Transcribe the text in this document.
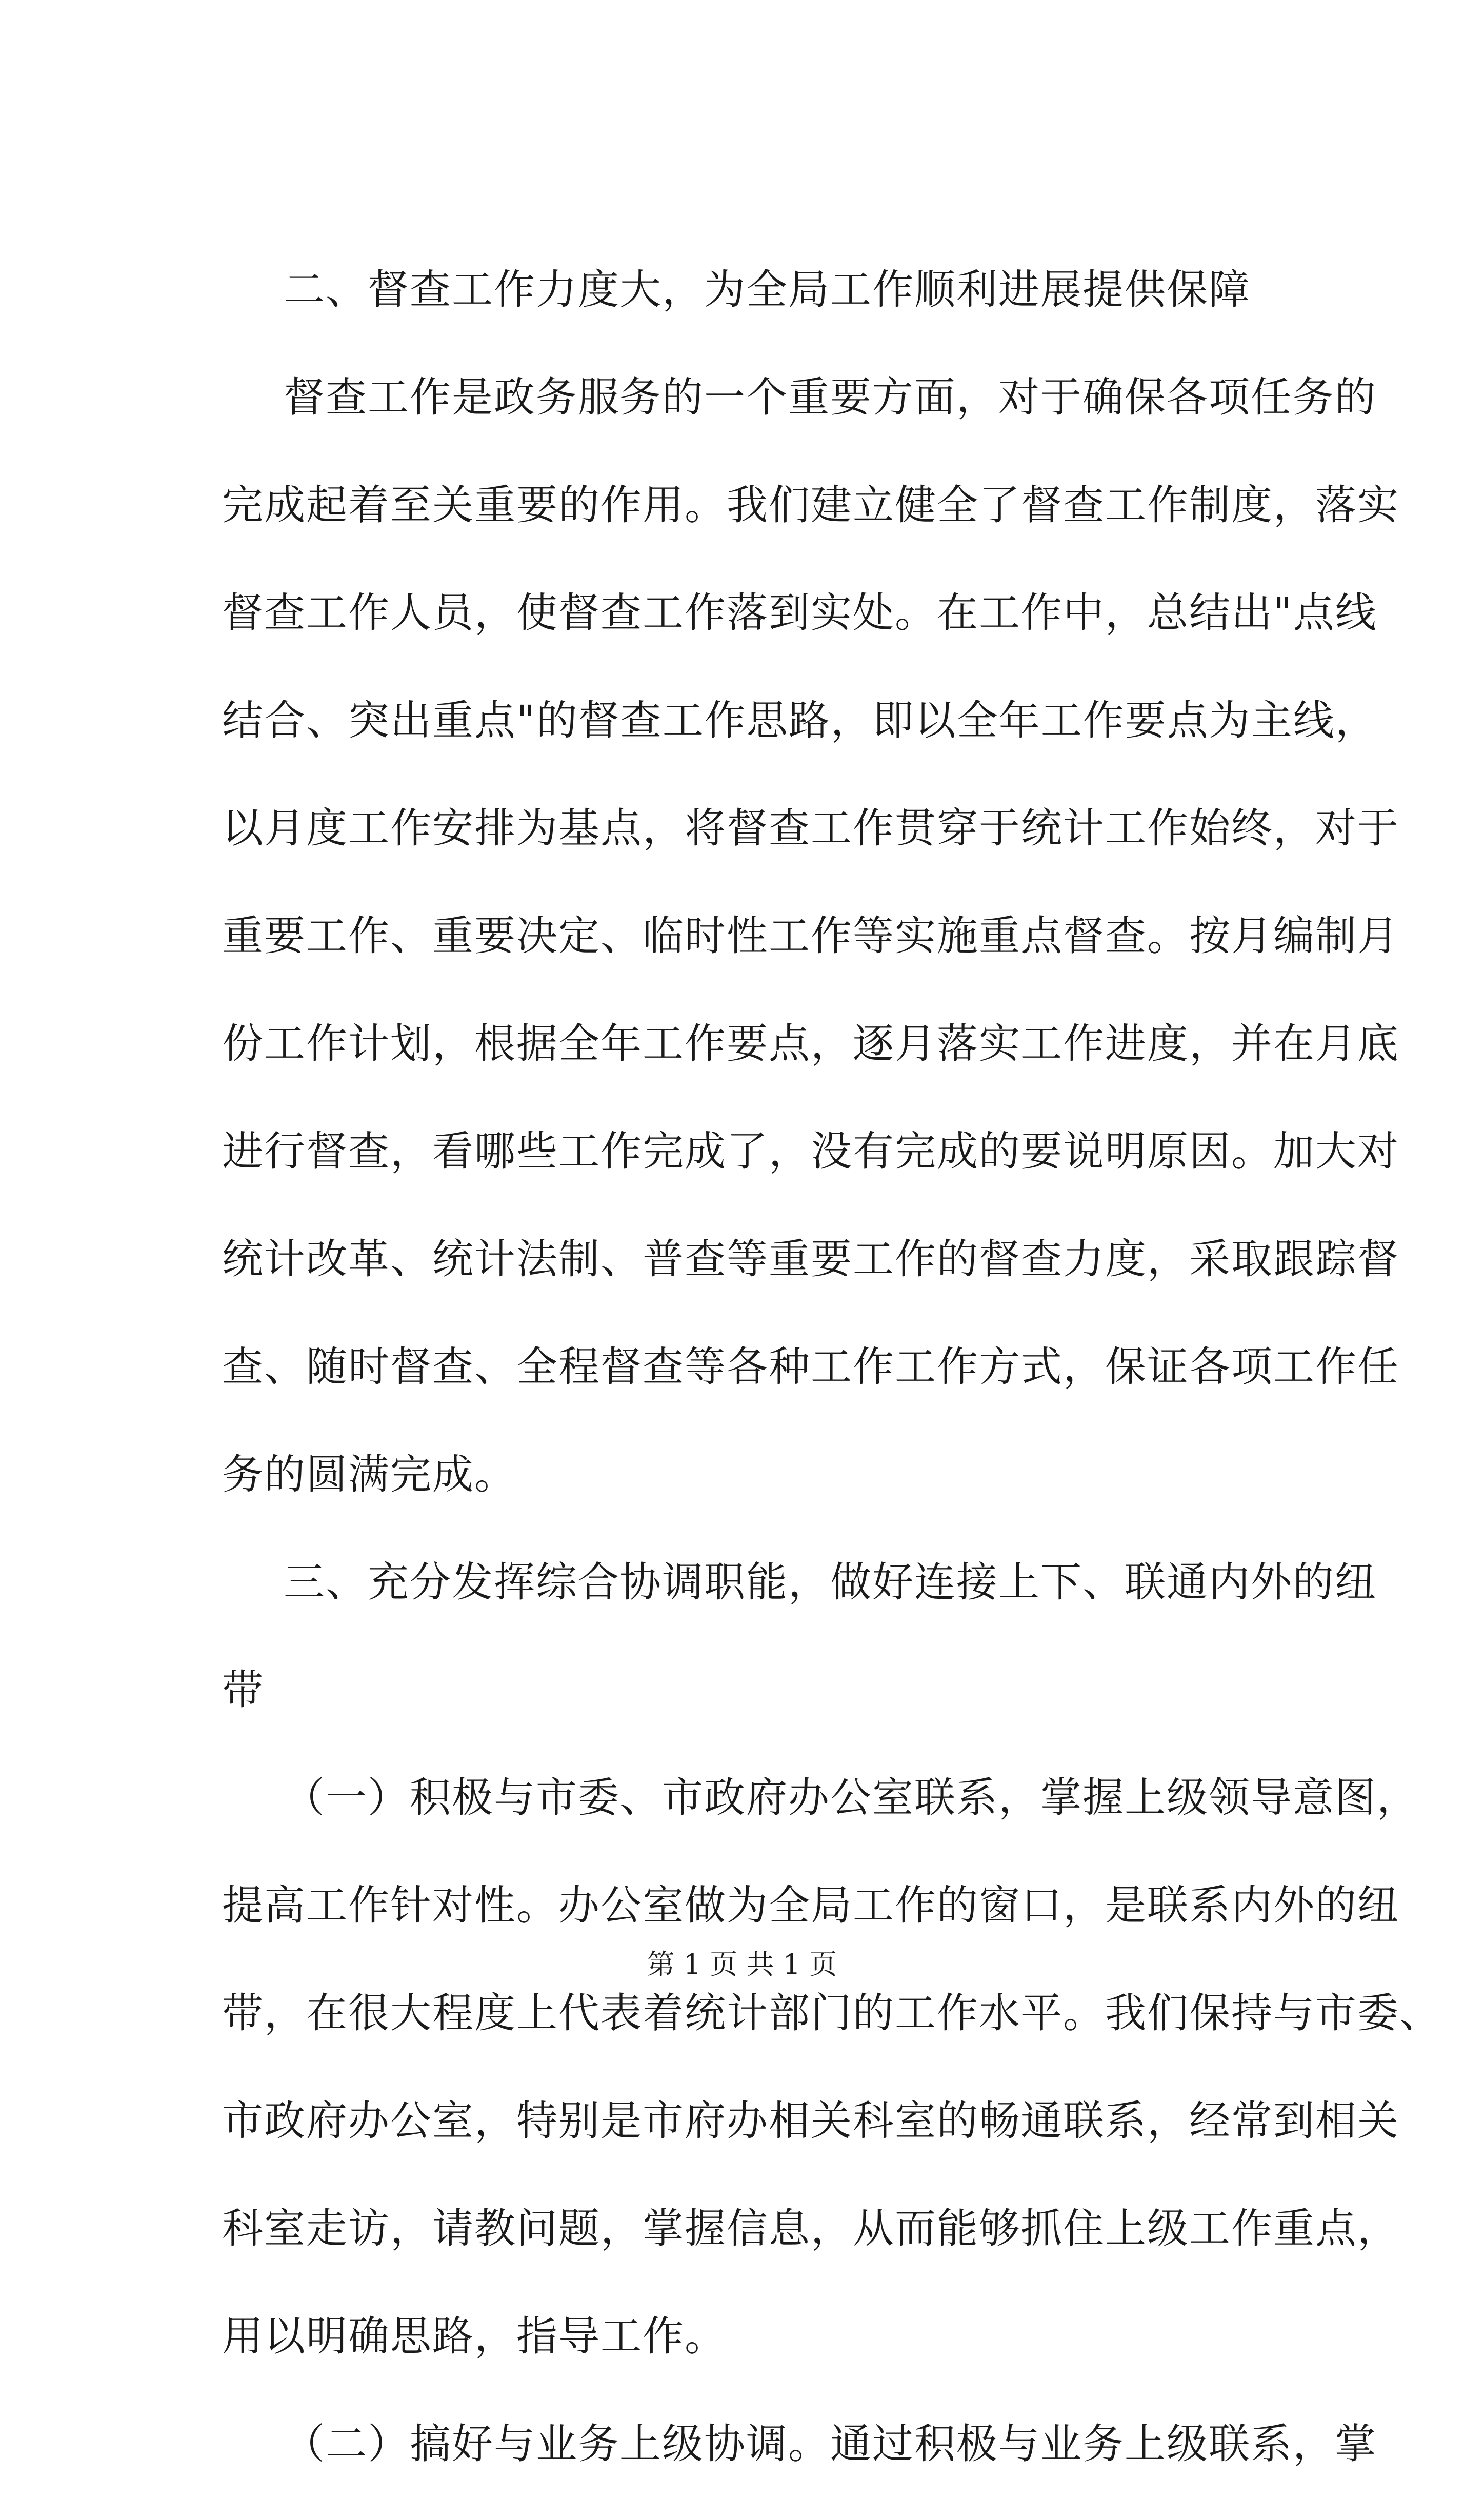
二、督查工作力度大，为全局工作顺利进展提供保障
督查工作是政务服务的一个重要方面，对于确保各项任务的
完成起着至关重要的作用。我们建立健全了督查工作制度，落实
督查工作人员，使督查工作落到实处。在工作中，总结出"点线
结合、突出重点"的督查工作思路，即以全年工作要点为主线，
以月度工作安排为基点，将督查工作贯穿于统计工作始终，对于
重要工作、重要决定、临时性工作等实施重点督查。按月编制月
份工作计划，根据全年工作要点，逐月落实工作进度，并在月底
进行督查，看哪些工作完成了，没有完成的要说明原因。加大对
统计改革、统计法制、普查等重要工作的督查力度，采取跟踪督
查、随时督查、全程督查等各种工作工作方式，保证各项工作任
务的圆满完成。
三、充分发挥综合协调职能，做好连接上下、联通内外的纽
带
（一）积极与市委、市政府办公室联系，掌握上级领导意图，
提高工作针对性。办公室做为全局工作的窗口，是联系内外的纽
带，在很大程度上代表着统计部门的工作水平。我们保持与市委、
市政府办公室，特别是市府办相关科室的畅通联系，经常到相关
科室走访，请教问题，掌握信息，从而能够抓住上级工作重点，
用以明确思路，指导工作。
（二）搞好与业务上级协调。通过积极与业务上级联系，掌
第 1 页 共 1 页
